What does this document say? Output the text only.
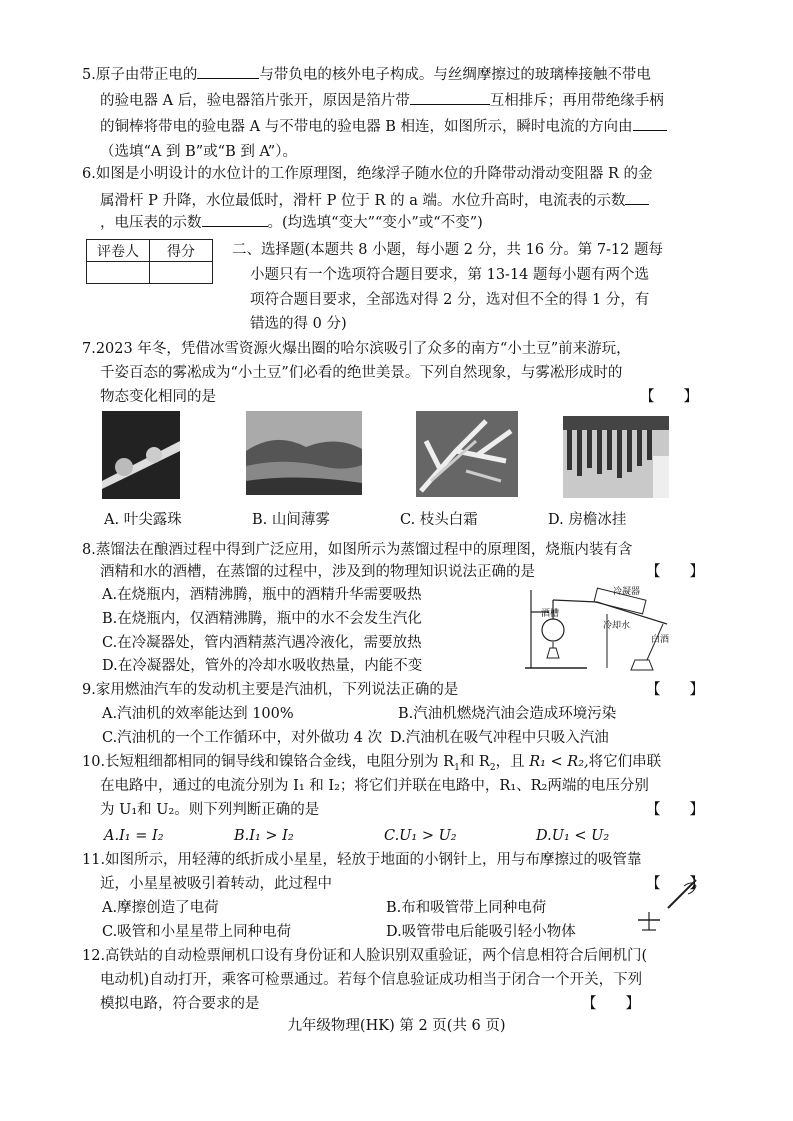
5.原子由带正电的	与带负电的核外电子构成。与丝绸摩擦过的玻璃棒接触不带电
的验电器 A 后，验电器箔片张开，原因是箔片带	互相排斥；再用带绝缘手柄
的铜棒将带电的验电器 A 与不带电的验电器 B 相连，如图所示，瞬时电流的方向由
（选填“A 到 B”或“B 到 A”）。
6.如图是小明设计的水位计的工作原理图，绝缘浮子随水位的升降带动滑动变阻器 R 的金
属滑杆 P 升降，水位最低时，滑杆 P 位于 R 的 a 端。水位升高时，电流表的示数
，电压表的示数	。(均选填“变大”“变小”或“不变”)
评卷人	得分
		二、选择题(本题共 8 小题，每小题 2 分，共 16 分。第 7-12 题每
小题只有一个选项符合题目要求，第 13-14 题每小题有两个选
项符合题目要求，全部选对得 2 分，选对但不全的得 1 分，有
错选的得 0 分)
7.2023 年冬，凭借冰雪资源火爆出圈的哈尔滨吸引了众多的南方“小土豆”前来游玩，
千姿百态的雾凇成为“小土豆”们必看的绝世美景。下列自然现象，与雾凇形成时的
物态变化相同的是	【　　】
A. 叶尖露珠	B. 山间薄雾	C. 枝头白霜	D. 房檐冰挂
8.蒸馏法在酿酒过程中得到广泛应用，如图所示为蒸馏过程中的原理图，烧瓶内装有含
酒精和水的酒槽，在蒸馏的过程中，涉及到的物理知识说法正确的是	【　　】
A.在烧瓶内，酒精沸腾，瓶中的酒精升华需要吸热
B.在烧瓶内，仅酒精沸腾，瓶中的水不会发生汽化
C.在冷凝器处，管内酒精蒸汽遇冷液化，需要放热
D.在冷凝器处，管外的冷却水吸收热量，内能不变
冷凝器
酒槽
冷却水
白酒
9.家用燃油汽车的发动机主要是汽油机，下列说法正确的是	【　　】
A.汽油机的效率能达到 100%	B.汽油机燃烧汽油会造成环境污染
C.汽油机的一个工作循环中，对外做功 4 次 D.汽油机在吸气冲程中只吸入汽油
10.长短粗细都相同的铜导线和镍铬合金线，电阻分别为 $R_1$和 $R_2$，且 R₁ < R₂,将它们串联
在电路中，通过的电流分别为 I₁ 和 I₂；将它们并联在电路中，R₁、R₂两端的电压分别
为 U₁和 U₂。则下列判断正确的是	【　　】
A.I₁ = I₂	B.I₁ > I₂	C.U₁ > U₂	D.U₁ < U₂
11.如图所示，用轻薄的纸折成小星星，轻放于地面的小钢针上，用与布摩擦过的吸管靠
近，小星星被吸引着转动，此过程中	【　　】
A.摩擦创造了电荷	B.布和吸管带上同种电荷
C.吸管和小星星带上同种电荷	D.吸管带电后能吸引轻小物体
12.高铁站的自动检票闸机口设有身份证和人脸识别双重验证，两个信息相符合后闸机门(
电动机)自动打开，乘客可检票通过。若每个信息验证成功相当于闭合一个开关，下列
模拟电路，符合要求的是	【　　】
九年级物理(HK) 第 2 页(共 6 页)
